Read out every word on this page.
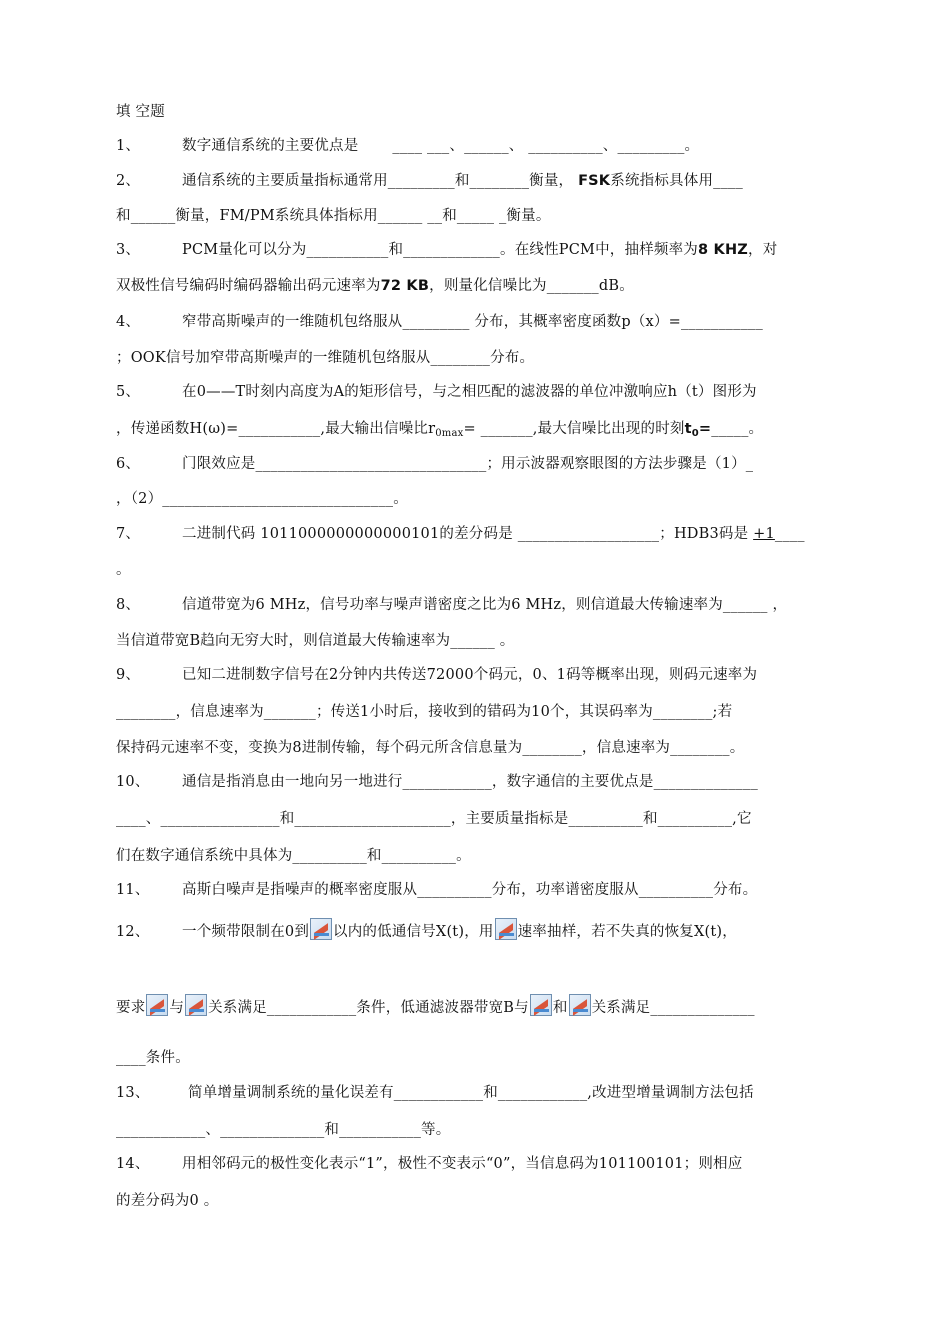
填 空题
1、	数字通信系统的主要优点是 ____ ___、______、 __________、_________。
2、	通信系统的主要质量指标通常用_________和________衡量， FSK系统指标具体用____
和______衡量，FM/PM系统具体指标用______ __和_____ _衡量。
3、	PCM量化可以分为___________和_____________。在线性PCM中，抽样频率为8 KHZ，对
双极性信号编码时编码器输出码元速率为72 KB，则量化信噪比为_______dB。
4、	窄带高斯噪声的一维随机包络服从_________ 分布，其概率密度函数p（x）=___________
；OOK信号加窄带高斯噪声的一维随机包络服从________分布。
5、	在0——T时刻内高度为A的矩形信号，与之相匹配的滤波器的单位冲激响应h（t）图形为
，传递函数H(ω)=___________,最大输出信噪比$r_{0max}=$ _______,最大信噪比出现的时刻$t_0=\_\_\_\_\_$。
6、	门限效应是_______________________________；用示波器观察眼图的方法步骤是（1）_
，（2）_______________________________。
7、	二进制代码 1011000000000000101的差分码是 ___________________；HDB3码是 +1____
。
8、	信道带宽为6 MHz，信号功率与噪声谱密度之比为6 MHz，则信道最大传输速率为______ ，
当信道带宽B趋向无穷大时，则信道最大传输速率为______ 。
9、	已知二进制数字信号在2分钟内共传送72000个码元，0、1码等概率出现，则码元速率为
________，信息速率为_______；传送1小时后，接收到的错码为10个，其误码率为________;若
保持码元速率不变，变换为8进制传输，每个码元所含信息量为________，信息速率为________。
10、 通信是指消息由一地向另一地进行____________，数字通信的主要优点是______________
____、________________和_____________________，主要质量指标是__________和__________,它
们在数字通信系统中具体为__________和__________。
11、 高斯白噪声是指噪声的概率密度服从__________分布，功率谱密度服从__________分布。
12、 一个频带限制在0到 以内的低通信号X(t)，用 速率抽样，若不失真的恢复X(t)，
要求 与 关系满足____________条件，低通滤波器带宽B与 和 关系满足______________
____条件。
13、	简单增量调制系统的量化误差有____________和____________,改进型增量调制方法包括
____________、______________和___________等。
14、 用相邻码元的极性变化表示“1”，极性不变表示“0”，当信息码为101100101；则相应
的差分码为0 。
